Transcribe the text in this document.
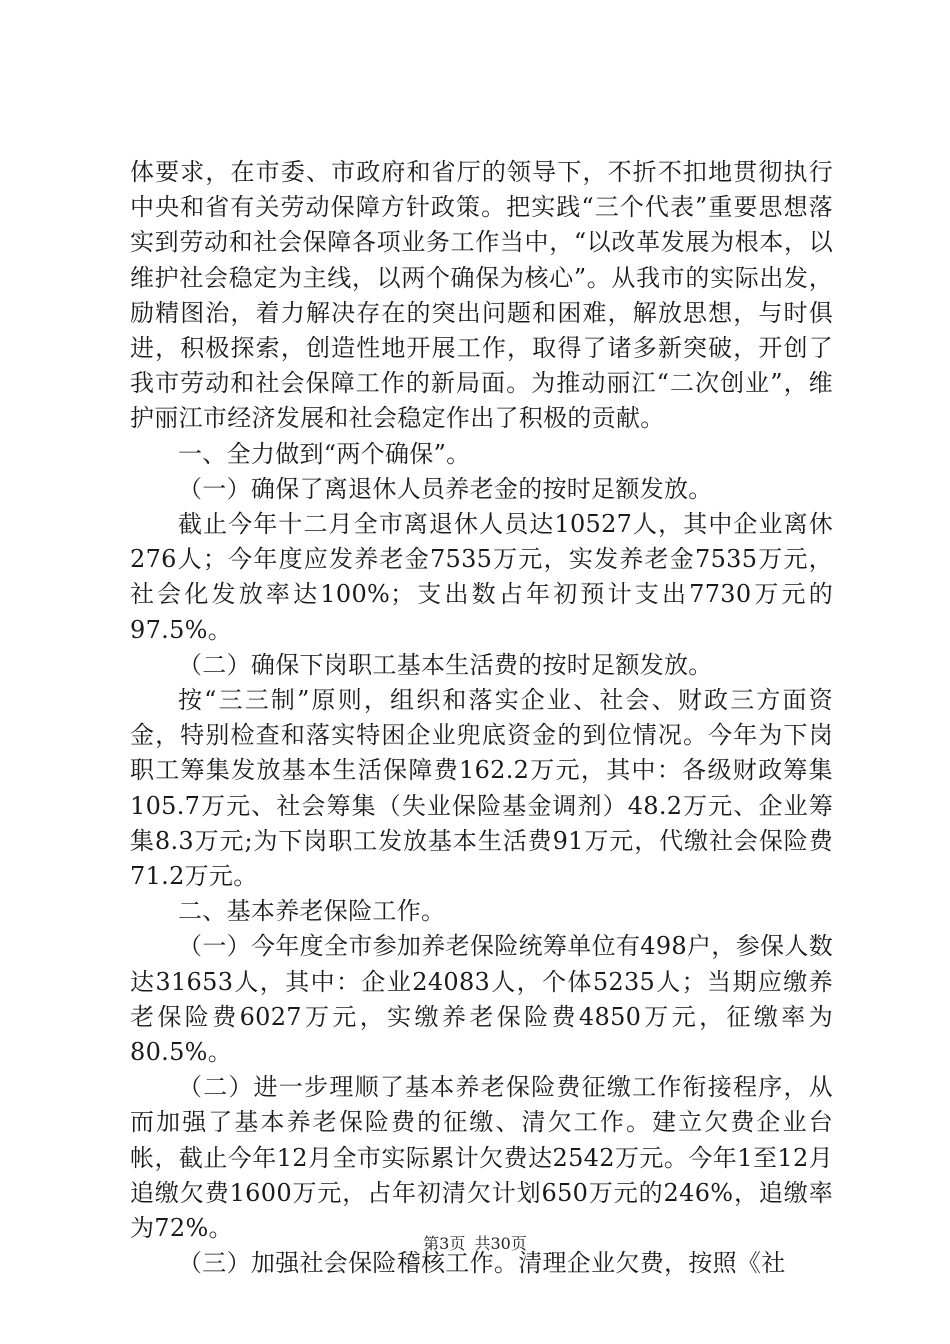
体要求，在市委、市政府和省厅的领导下，不折不扣地贯彻执行中央和省有关劳动保障方针政策。把实践“三个代表”重要思想落实到劳动和社会保障各项业务工作当中，“以改革发展为根本，以维护社会稳定为主线，以两个确保为核心”。从我市的实际出发，励精图治，着力解决存在的突出问题和困难，解放思想，与时俱进，积极探索，创造性地开展工作，取得了诸多新突破，开创了我市劳动和社会保障工作的新局面。为推动丽江“二次创业”，维护丽江市经济发展和社会稳定作出了积极的贡献。

一、全力做到“两个确保”。

（一）确保了离退休人员养老金的按时足额发放。

截止今年十二月全市离退休人员达10527人，其中企业离休276人；今年度应发养老金7535万元，实发养老金7535万元，社会化发放率达100%；支出数占年初预计支出7730万元的97.5%。

（二）确保下岗职工基本生活费的按时足额发放。

按“三三制”原则，组织和落实企业、社会、财政三方面资金，特别检查和落实特困企业兜底资金的到位情况。今年为下岗职工筹集发放基本生活保障费162.2万元，其中：各级财政筹集105.7万元、社会筹集（失业保险基金调剂）48.2万元、企业筹集8.3万元;为下岗职工发放基本生活费91万元，代缴社会保险费71.2万元。

二、基本养老保险工作。

（一）今年度全市参加养老保险统筹单位有498户，参保人数达31653人，其中：企业24083人，个体5235人；当期应缴养老保险费6027万元，实缴养老保险费4850万元，征缴率为80.5%。

（二）进一步理顺了基本养老保险费征缴工作衔接程序，从而加强了基本养老保险费的征缴、清欠工作。建立欠费企业台帐，截止今年12月全市实际累计欠费达2542万元。今年1至12月追缴欠费1600万元，占年初清欠计划650万元的246%，追缴率为72%。

（三）加强社会保险稽核工作。清理企业欠费，按照《社

第3页 共30页
